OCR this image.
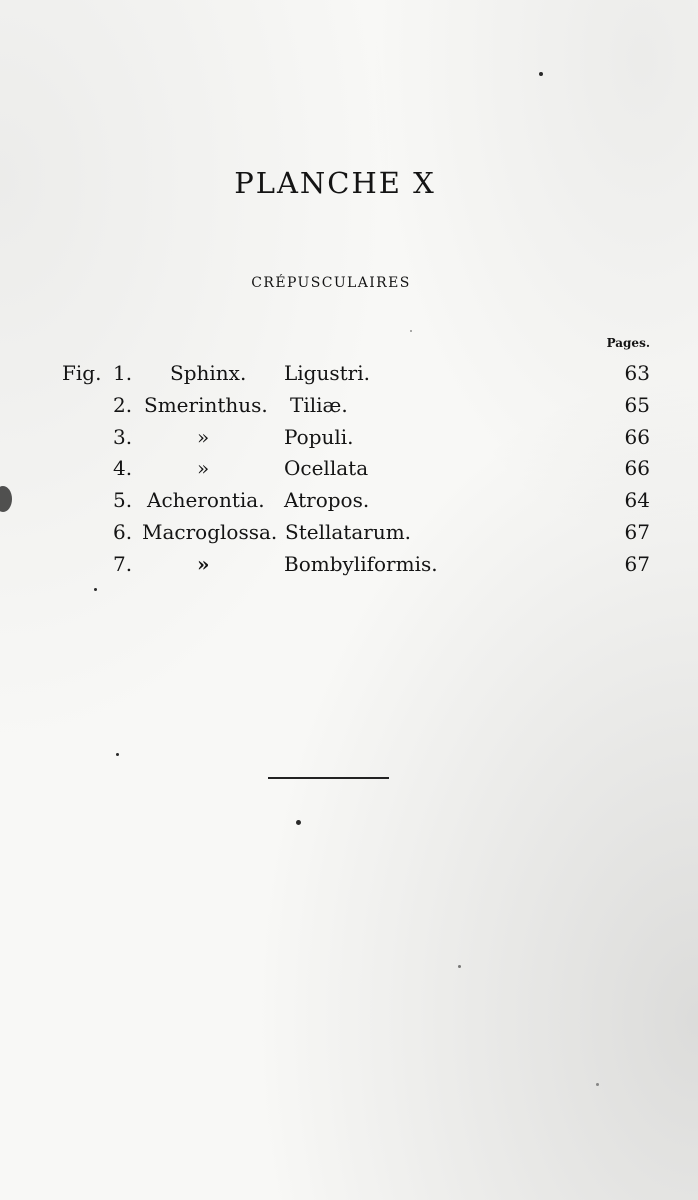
PLANCHE X
CRÉPUSCULAIRES
Pages.
Fig. 1. Sphinx. Ligustri.	63
2. Smerinthus. Tiliæ.	65
3.	»	Populi.	66
4.	»	Ocellata	66
5. Acherontia. Atropos.	64
6. Macroglossa. Stellatarum.	67
7.	»	Bombyliformis.	67
